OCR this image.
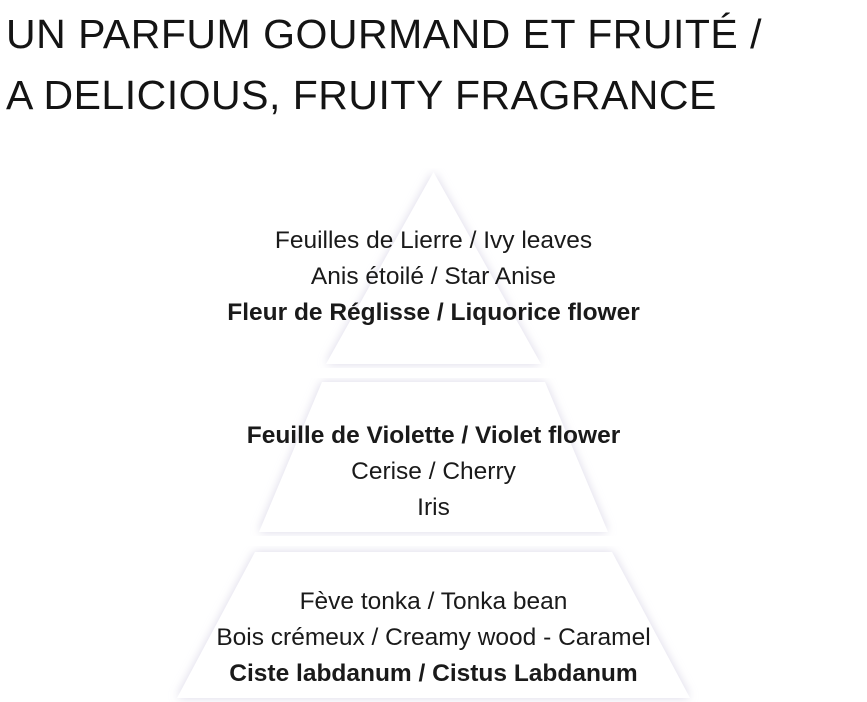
UN PARFUM GOURMAND ET FRUITÉ /
A DELICIOUS, FRUITY FRAGRANCE
Feuilles de Lierre / Ivy leaves
Anis étoilé / Star Anise
Fleur de Réglisse / Liquorice flower
Feuille de Violette / Violet flower
Cerise / Cherry
Iris
Fève tonka / Tonka bean
Bois crémeux / Creamy wood - Caramel
Ciste labdanum / Cistus Labdanum
